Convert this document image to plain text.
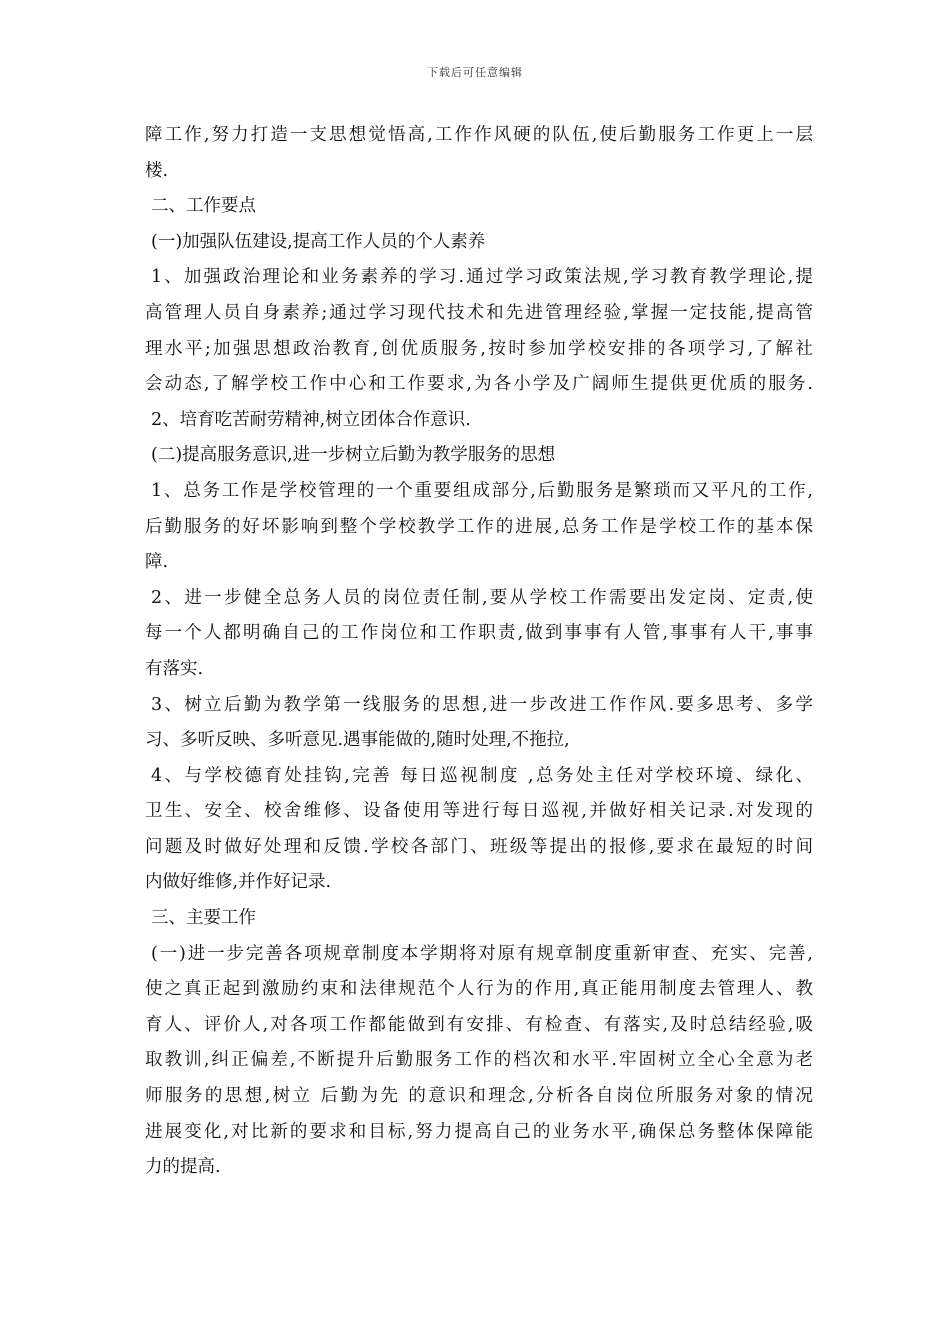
下载后可任意编辑
障工作,努力打造一支思想觉悟高,工作作风硬的队伍,使后勤服务工作更上一层
楼.
二、工作要点
(一)加强队伍建设,提高工作人员的个人素养
1、加强政治理论和业务素养的学习.通过学习政策法规,学习教育教学理论,提
高管理人员自身素养;通过学习现代技术和先进管理经验,掌握一定技能,提高管
理水平;加强思想政治教育,创优质服务,按时参加学校安排的各项学习,了解社
会动态,了解学校工作中心和工作要求,为各小学及广阔师生提供更优质的服务.
2、培育吃苦耐劳精神,树立团体合作意识.
(二)提高服务意识,进一步树立后勤为教学服务的思想
1、总务工作是学校管理的一个重要组成部分,后勤服务是繁琐而又平凡的工作,
后勤服务的好坏影响到整个学校教学工作的进展,总务工作是学校工作的基本保
障.
2、进一步健全总务人员的岗位责任制,要从学校工作需要出发定岗、定责,使
每一个人都明确自己的工作岗位和工作职责,做到事事有人管,事事有人干,事事
有落实.
3、树立后勤为教学第一线服务的思想,进一步改进工作作风.要多思考、多学
习、多听反映、多听意见.遇事能做的,随时处理,不拖拉,
4、与学校德育处挂钩,完善 每日巡视制度 ,总务处主任对学校环境、绿化、
卫生、安全、校舍维修、设备使用等进行每日巡视,并做好相关记录.对发现的
问题及时做好处理和反馈.学校各部门、班级等提出的报修,要求在最短的时间
内做好维修,并作好记录.
三、主要工作
(一)进一步完善各项规章制度本学期将对原有规章制度重新审查、充实、完善,
使之真正起到激励约束和法律规范个人行为的作用,真正能用制度去管理人、教
育人、评价人,对各项工作都能做到有安排、有检查、有落实,及时总结经验,吸
取教训,纠正偏差,不断提升后勤服务工作的档次和水平.牢固树立全心全意为老
师服务的思想,树立 后勤为先 的意识和理念,分析各自岗位所服务对象的情况
进展变化,对比新的要求和目标,努力提高自己的业务水平,确保总务整体保障能
力的提高.
